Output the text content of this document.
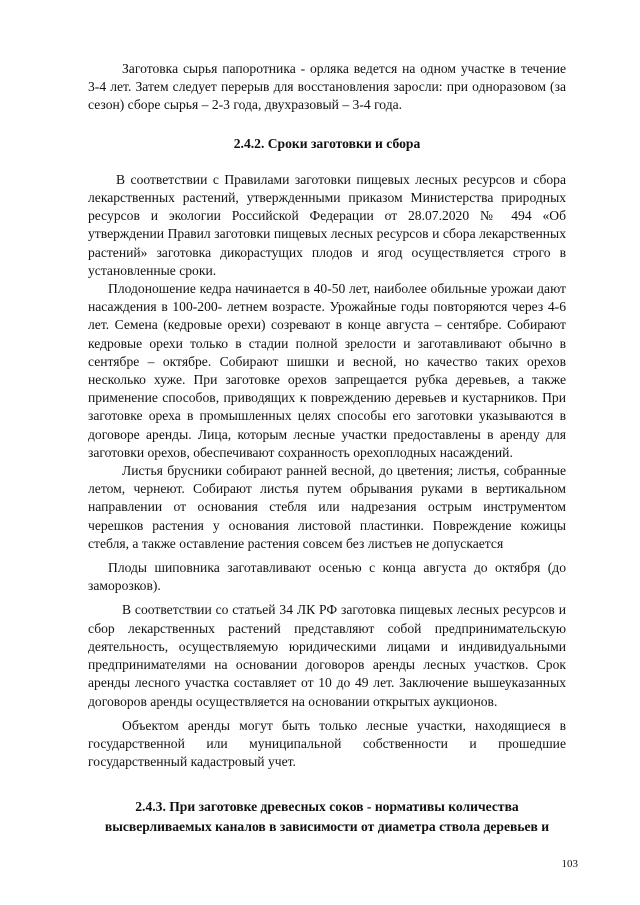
Заготовка сырья папоротника - орляка ведется на одном участке в течение 3-4 лет. Затем следует перерыв для восстановления заросли: при одноразовом (за сезон) сборе сырья – 2-3 года, двухразовый – 3-4 года.

2.4.2. Сроки заготовки и сбора

В соответствии с Правилами заготовки пищевых лесных ресурсов и сбора лекарственных растений, утвержденными приказом Министерства природных ресурсов и экологии Российской Федерации от 28.07.2020 № 494 «Об утверждении Правил заготовки пищевых лесных ресурсов и сбора лекарственных растений» заготовка дикорастущих плодов и ягод осуществляется строго в установленные сроки.

Плодоношение кедра начинается в 40-50 лет, наиболее обильные урожаи дают насаждения в 100-200- летнем возрасте. Урожайные годы повторяются через 4-6 лет. Семена (кедровые орехи) созревают в конце августа – сентябре. Собирают кедровые орехи только в стадии полной зрелости и заготавливают обычно в сентябре – октябре. Собирают шишки и весной, но качество таких орехов несколько хуже. При заготовке орехов запрещается рубка деревьев, а также применение способов, приводящих к повреждению деревьев и кустарников. При заготовке ореха в промышленных целях способы его заготовки указываются в договоре аренды. Лица, которым лесные участки предоставлены в аренду для заготовки орехов, обеспечивают сохранность орехоплодных насаждений.

Листья брусники собирают ранней весной, до цветения; листья, собранные летом, чернеют. Собирают листья путем обрывания руками в вертикальном направлении от основания стебля или надрезания острым инструментом черешков растения у основания листовой пластинки. Повреждение кожицы стебля, а также оставление растения совсем без листьев не допускается

Плоды шиповника заготавливают осенью с конца августа до октября (до заморозков).

В соответствии со статьей 34 ЛК РФ заготовка пищевых лесных ресурсов и сбор лекарственных растений представляют собой предпринимательскую деятельность, осуществляемую юридическими лицами и индивидуальными предпринимателями на основании договоров аренды лесных участков. Срок аренды лесного участка составляет от 10 до 49 лет. Заключение вышеуказанных договоров аренды осуществляется на основании открытых аукционов.

Объектом аренды могут быть только лесные участки, находящиеся в государственной или муниципальной собственности и прошедшие государственный кадастровый учет.

2.4.3. При заготовке древесных соков - нормативы количества
высверливаемых каналов в зависимости от диаметра ствола деревьев и
103
